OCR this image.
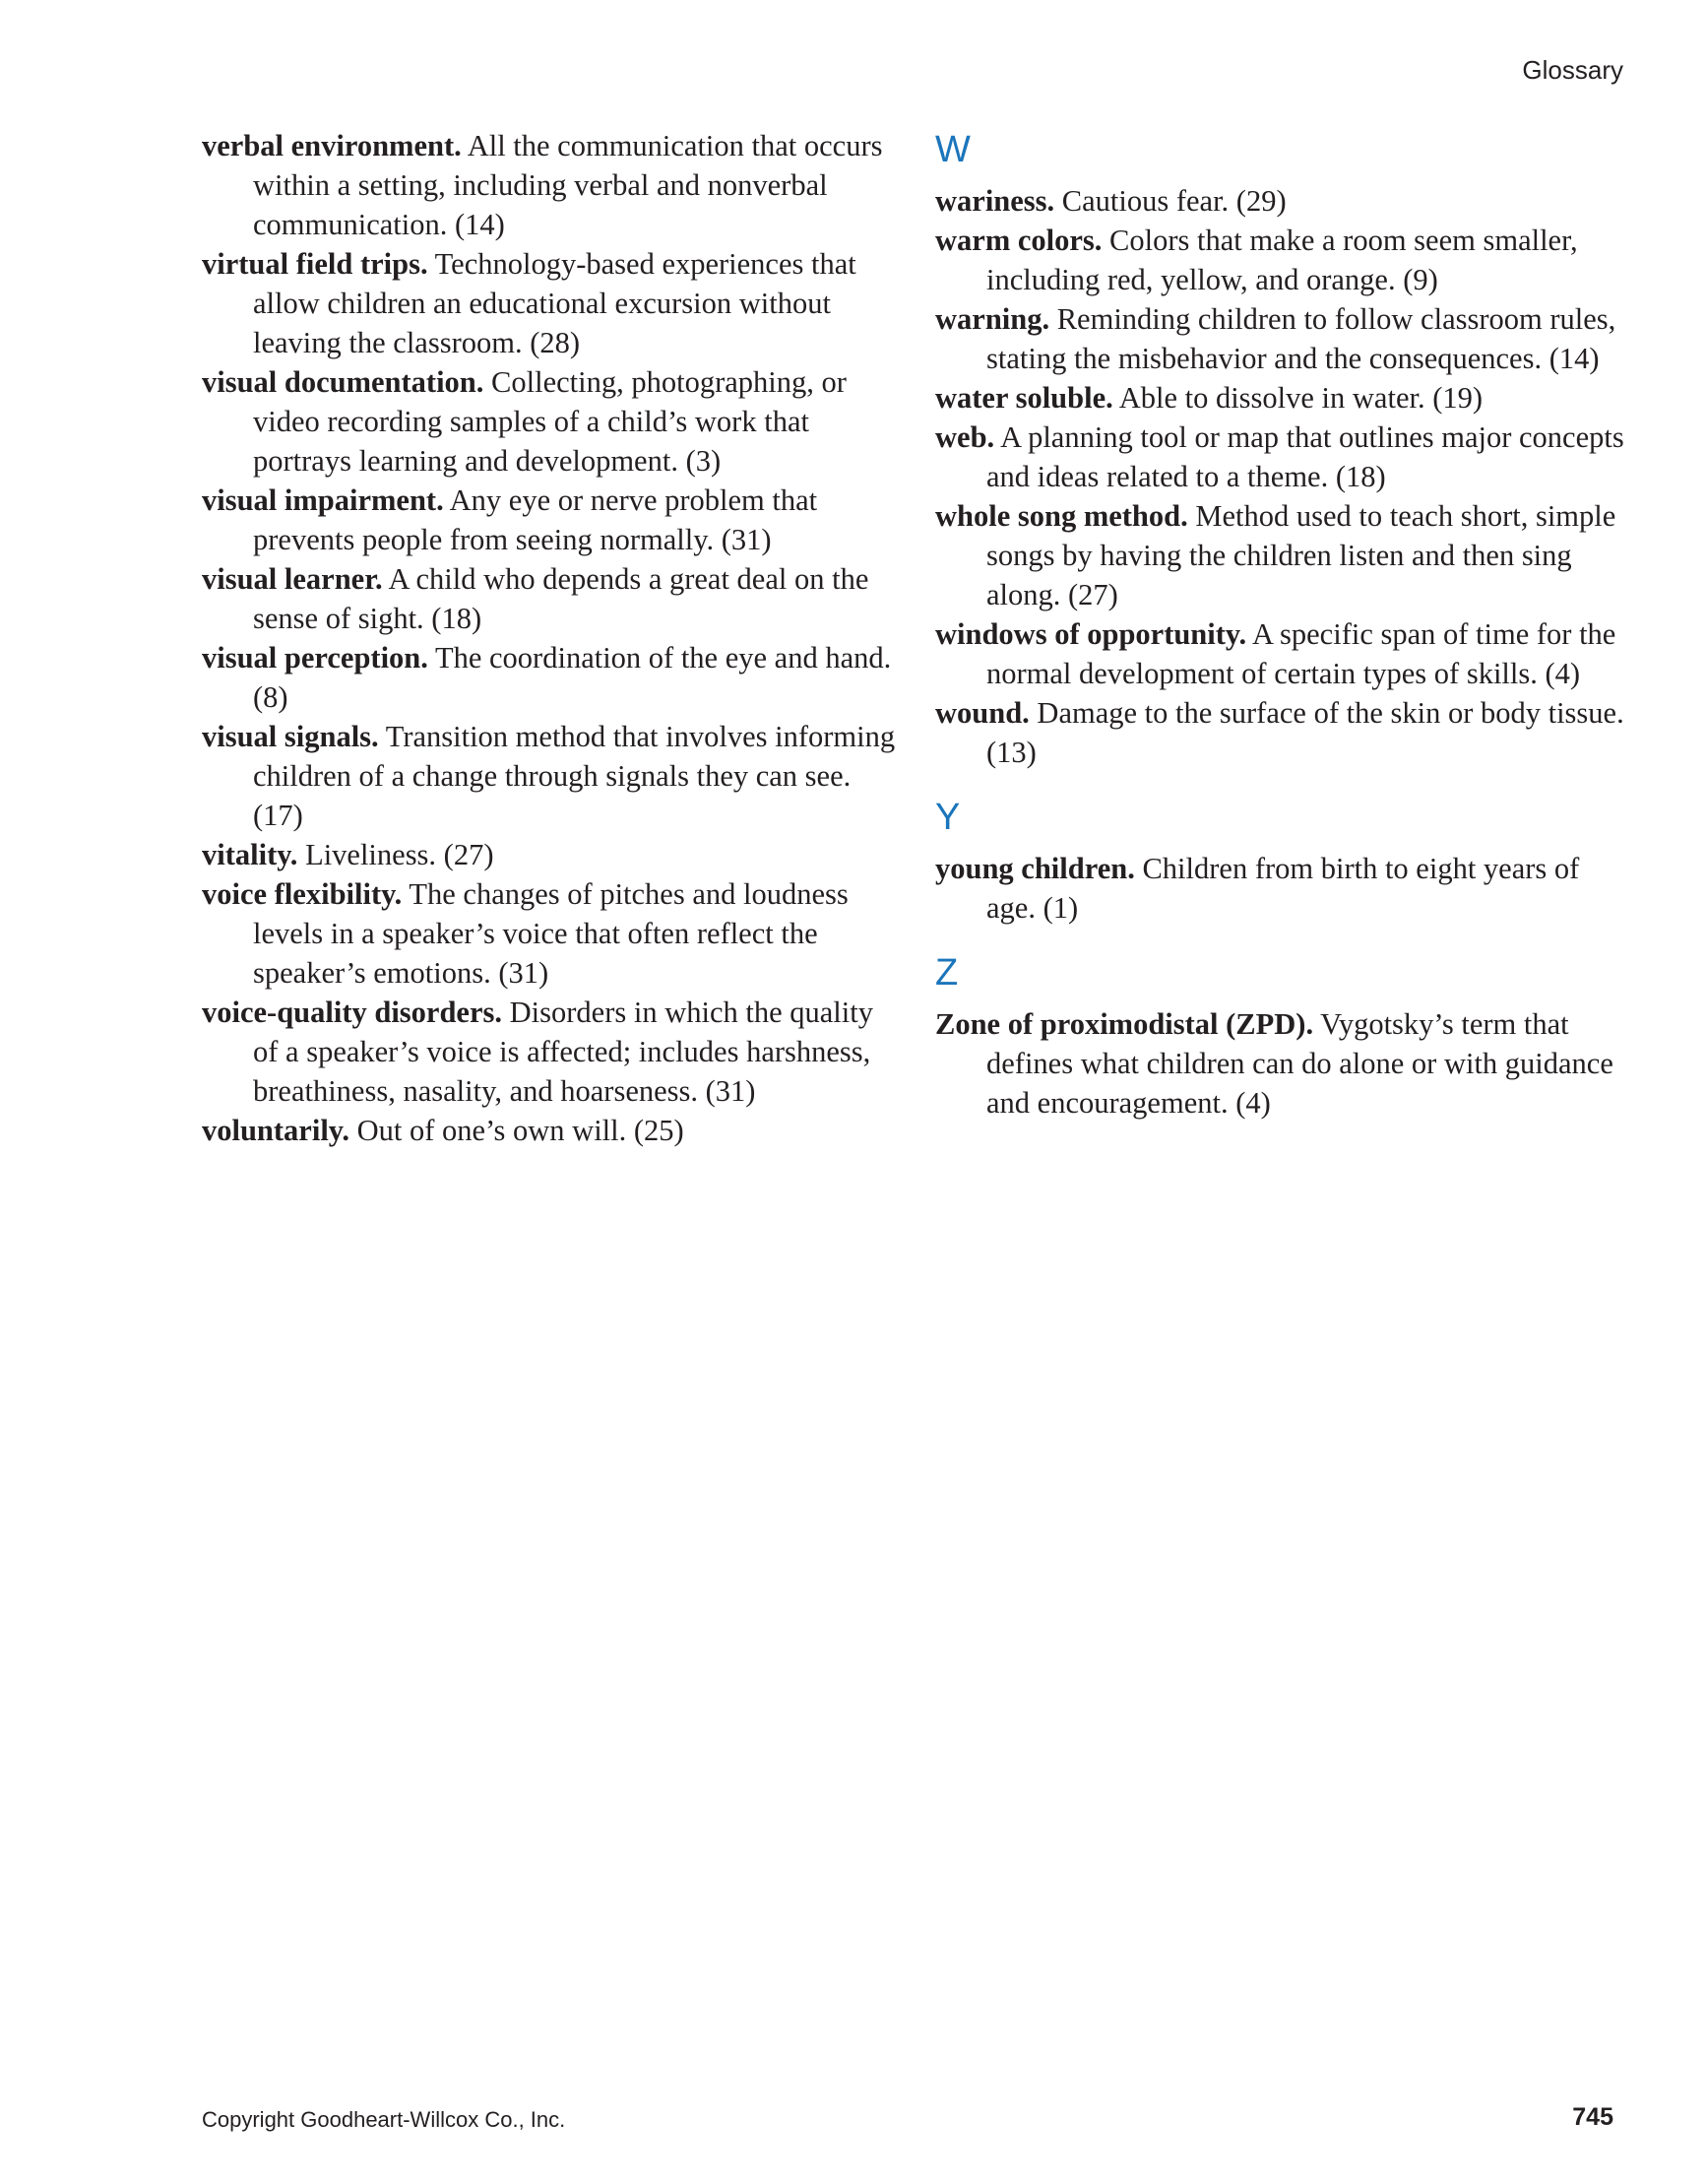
Glossary

verbal environment. All the communication that occurs within a setting, including verbal and nonverbal communication. (14)

virtual field trips. Technology-based experiences that allow children an educational excursion without leaving the classroom. (28)

visual documentation. Collecting, photographing, or video recording samples of a child’s work that portrays learning and development. (3)

visual impairment. Any eye or nerve problem that prevents people from seeing normally. (31)

visual learner. A child who depends a great deal on the sense of sight. (18)

visual perception. The coordination of the eye and hand. (8)

visual signals. Transition method that involves informing children of a change through signals they can see. (17)

vitality. Liveliness. (27)

voice flexibility. The changes of pitches and loudness levels in a speaker’s voice that often reflect the speaker’s emotions. (31)

voice-quality disorders. Disorders in which the quality of a speaker’s voice is affected; includes harshness, breathiness, nasality, and hoarseness. (31)

voluntarily. Out of one’s own will. (25)

W

wariness. Cautious fear. (29)

warm colors. Colors that make a room seem smaller, including red, yellow, and orange. (9)

warning. Reminding children to follow classroom rules, stating the misbehavior and the consequences. (14)

water soluble. Able to dissolve in water. (19)

web. A planning tool or map that outlines major concepts and ideas related to a theme. (18)

whole song method. Method used to teach short, simple songs by having the children listen and then sing along. (27)

windows of opportunity. A specific span of time for the normal development of certain types of skills. (4)

wound. Damage to the surface of the skin or body tissue. (13)

Y

young children. Children from birth to eight years of age. (1)

Z

Zone of proximodistal (ZPD). Vygotsky’s term that defines what children can do alone or with guidance and encouragement. (4)

Copyright Goodheart-Willcox Co., Inc.	745
